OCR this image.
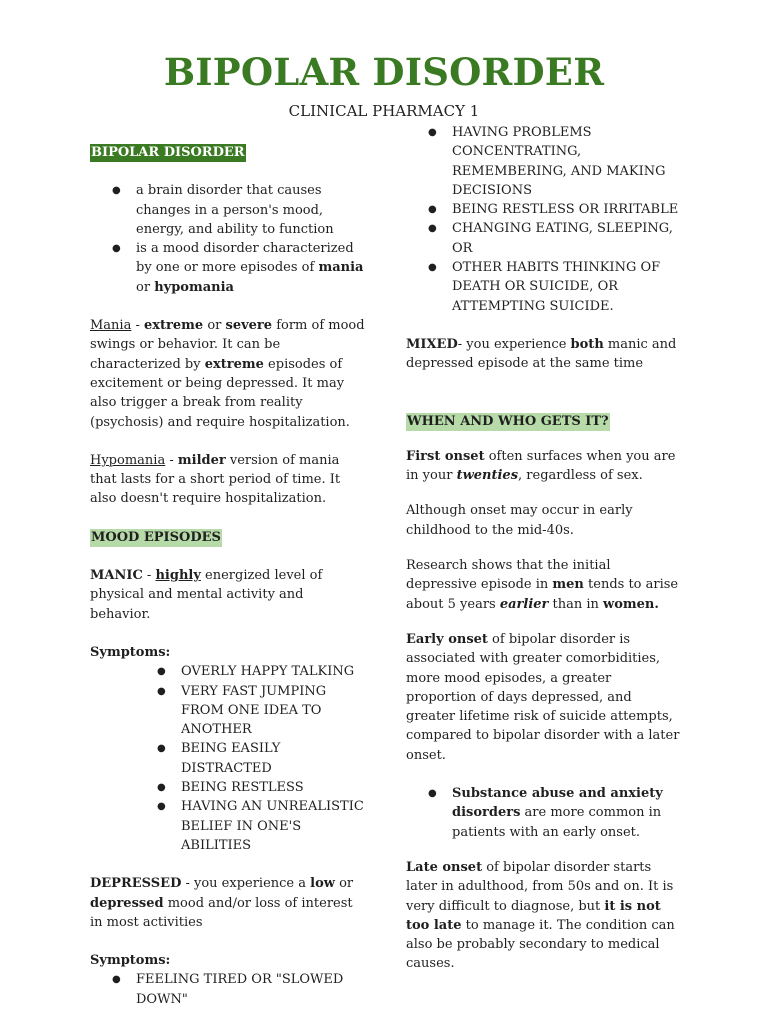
BIPOLAR DISORDER
CLINICAL PHARMACY 1

BIPOLAR DISORDER

● a brain disorder that causes changes in a person's mood, energy, and ability to function
● is a mood disorder characterized by one or more episodes of mania or hypomania

Mania - extreme or severe form of mood swings or behavior. It can be characterized by extreme episodes of excitement or being depressed. It may also trigger a break from reality (psychosis) and require hospitalization.

Hypomania - milder version of mania that lasts for a short period of time. It also doesn't require hospitalization.

MOOD EPISODES

MANIC - highly energized level of physical and mental activity and behavior.

Symptoms:

● OVERLY HAPPY TALKING
● VERY FAST JUMPING FROM ONE IDEA TO ANOTHER
● BEING EASILY DISTRACTED
● BEING RESTLESS
● HAVING AN UNREALISTIC BELIEF IN ONE'S ABILITIES

DEPRESSED - you experience a low or depressed mood and/or loss of interest in most activities

Symptoms:

● FEELING TIRED OR "SLOWED DOWN"
● HAVING PROBLEMS CONCENTRATING, REMEMBERING, AND MAKING DECISIONS
● BEING RESTLESS OR IRRITABLE
● CHANGING EATING, SLEEPING, OR
● OTHER HABITS THINKING OF DEATH OR SUICIDE, OR ATTEMPTING SUICIDE.

MIXED- you experience both manic and depressed episode at the same time

WHEN AND WHO GETS IT?

First onset often surfaces when you are in your twenties, regardless of sex.

Although onset may occur in early childhood to the mid-40s.

Research shows that the initial depressive episode in men tends to arise about 5 years earlier than in women.

Early onset of bipolar disorder is associated with greater comorbidities, more mood episodes, a greater proportion of days depressed, and greater lifetime risk of suicide attempts, compared to bipolar disorder with a later onset.

● Substance abuse and anxiety disorders are more common in patients with an early onset.

Late onset of bipolar disorder starts later in adulthood, from 50s and on. It is very difficult to diagnose, but it is not too late to manage it. The condition can also be probably secondary to medical causes.
